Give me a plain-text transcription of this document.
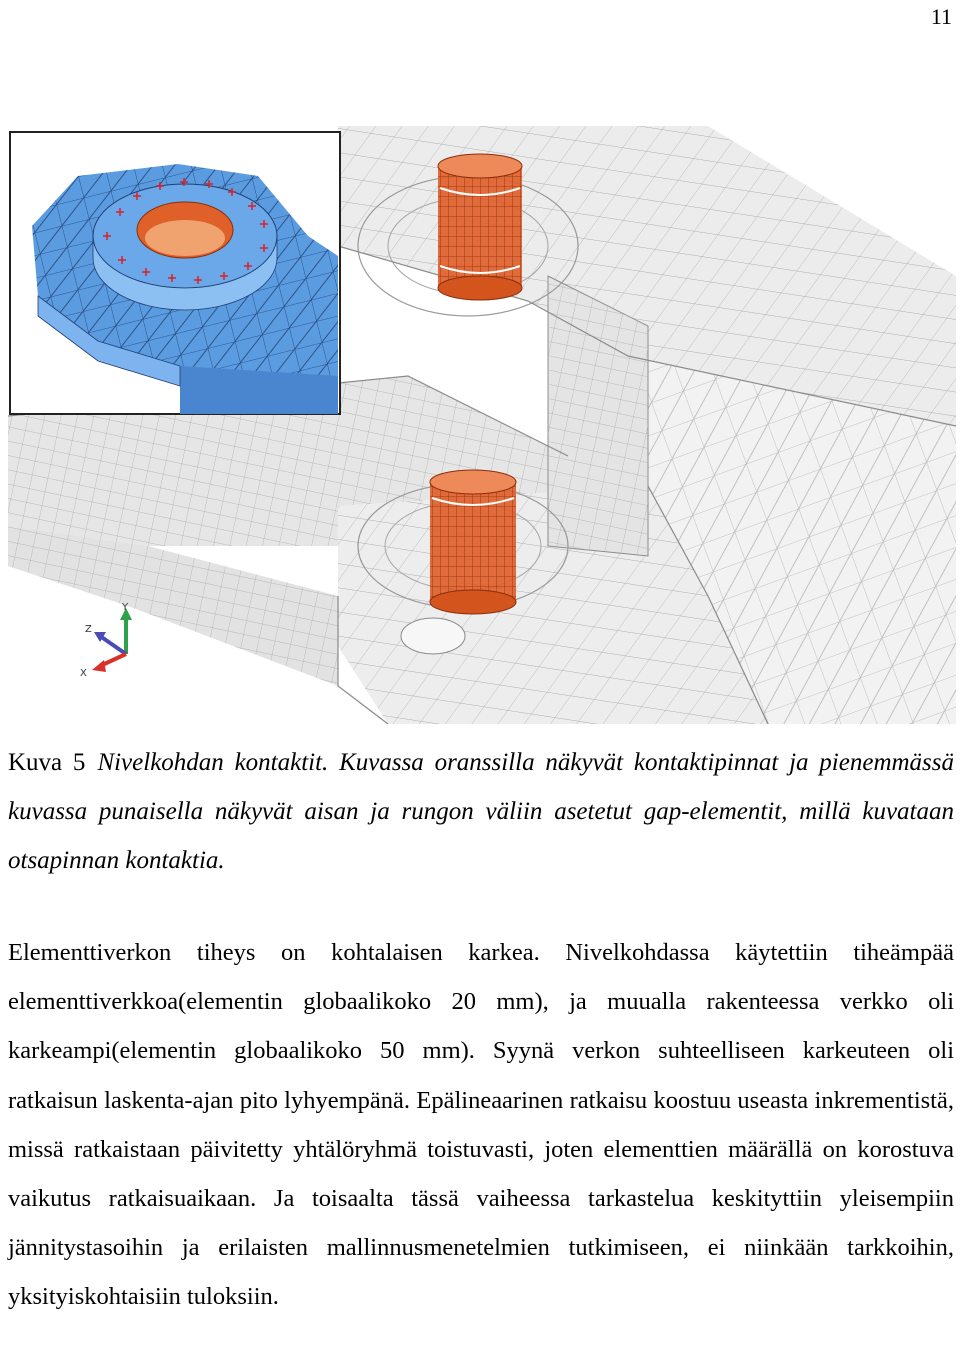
11
Y
Z
X
Kuva 5 Nivelkohdan kontaktit. Kuvassa oranssilla näkyvät kontaktipinnat ja pienemmässä kuvassa punaisella näkyvät aisan ja rungon väliin asetetut gap-elementit, millä kuvataan otsapinnan kontaktia.
Elementtiverkon tiheys on kohtalaisen karkea. Nivelkohdassa käytettiin tiheämpää elementtiverkkoa(elementin globaalikoko 20 mm), ja muualla rakenteessa verkko oli karkeampi(elementin globaalikoko 50 mm). Syynä verkon suhteelliseen karkeuteen oli ratkaisun laskenta-ajan pito lyhyempänä. Epälineaarinen ratkaisu koostuu useasta inkrementistä, missä ratkaistaan päivitetty yhtälöryhmä toistuvasti, joten elementtien määrällä on korostuva vaikutus ratkaisuaikaan. Ja toisaalta tässä vaiheessa tarkastelua keskityttiin yleisempiin jännitystasoihin ja erilaisten mallinnusmenetelmien tutkimiseen, ei niinkään tarkkoihin, yksityiskohtaisiin tuloksiin.
